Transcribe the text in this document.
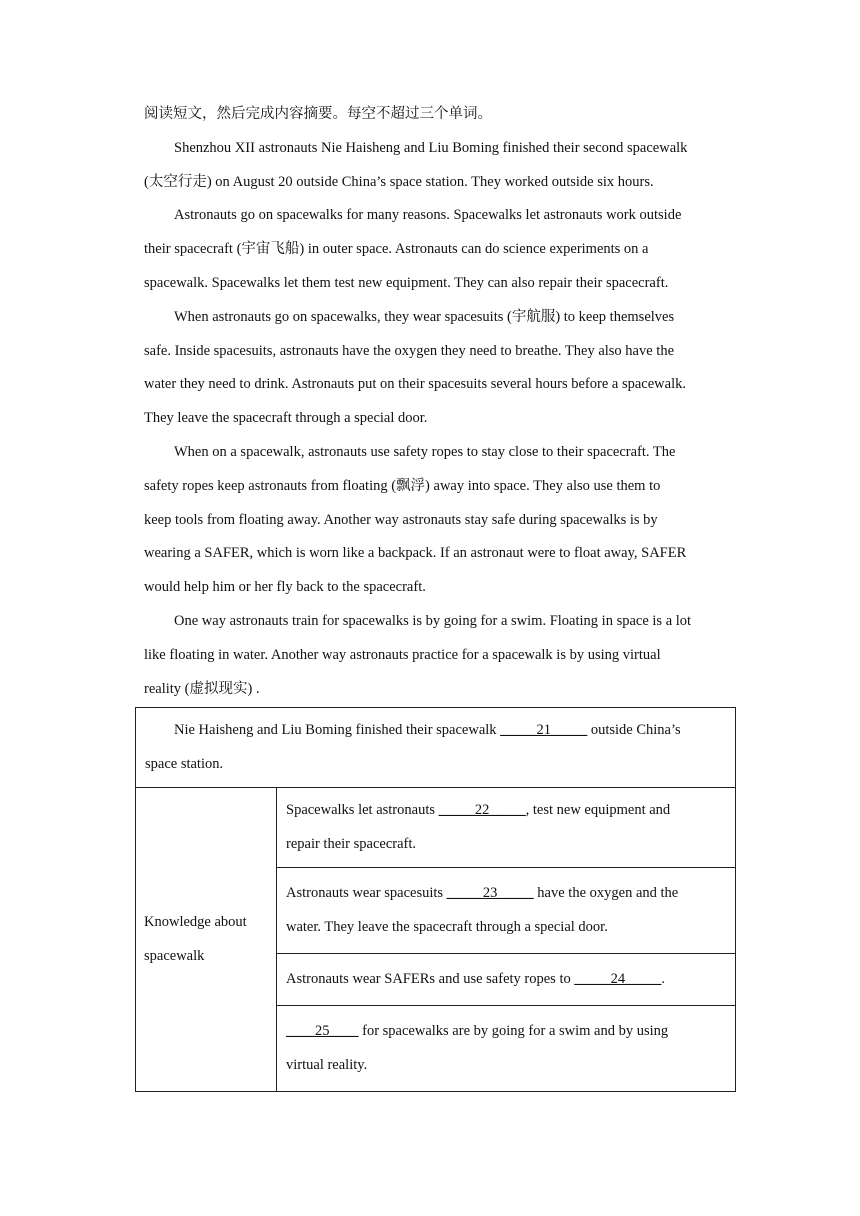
阅读短文，然后完成内容摘要。每空不超过三个单词。

Shenzhou XII astronauts Nie Haisheng and Liu Boming finished their second spacewalk

(太空行走) on August 20 outside China’s space station. They worked outside six hours.

Astronauts go on spacewalks for many reasons. Spacewalks let astronauts work outside

their spacecraft (宇宙飞船) in outer space. Astronauts can do science experiments on a

spacewalk. Spacewalks let them test new equipment. They can also repair their spacecraft.

When astronauts go on spacewalks, they wear spacesuits (宇航服) to keep themselves

safe. Inside spacesuits, astronauts have the oxygen they need to breathe. They also have the

water they need to drink. Astronauts put on their spacesuits several hours before a spacewalk.

They leave the spacecraft through a special door.

When on a spacewalk, astronauts use safety ropes to stay close to their spacecraft. The

safety ropes keep astronauts from floating (飘浮) away into space. They also use them to

keep tools from floating away. Another way astronauts stay safe during spacewalks is by

wearing a SAFER, which is worn like a backpack. If an astronaut were to float away, SAFER

would help him or her fly back to the spacecraft.

One way astronauts train for spacewalks is by going for a swim. Floating in space is a lot

like floating in water. Another way astronauts practice for a spacewalk is by using virtual

reality (虚拟现实) .

Nie Haisheng and Liu Boming finished their spacewalk _____21_____ outside China’s
space station.

Knowledge about
spacewalk

Spacewalks let astronauts _____22_____, test new equipment and
repair their spacecraft.

Astronauts wear spacesuits _____23_____ have the oxygen and the
water. They leave the spacecraft through a special door.

Astronauts wear SAFERs and use safety ropes to _____24_____.

____25____ for spacewalks are by going for a swim and by using
virtual reality.
